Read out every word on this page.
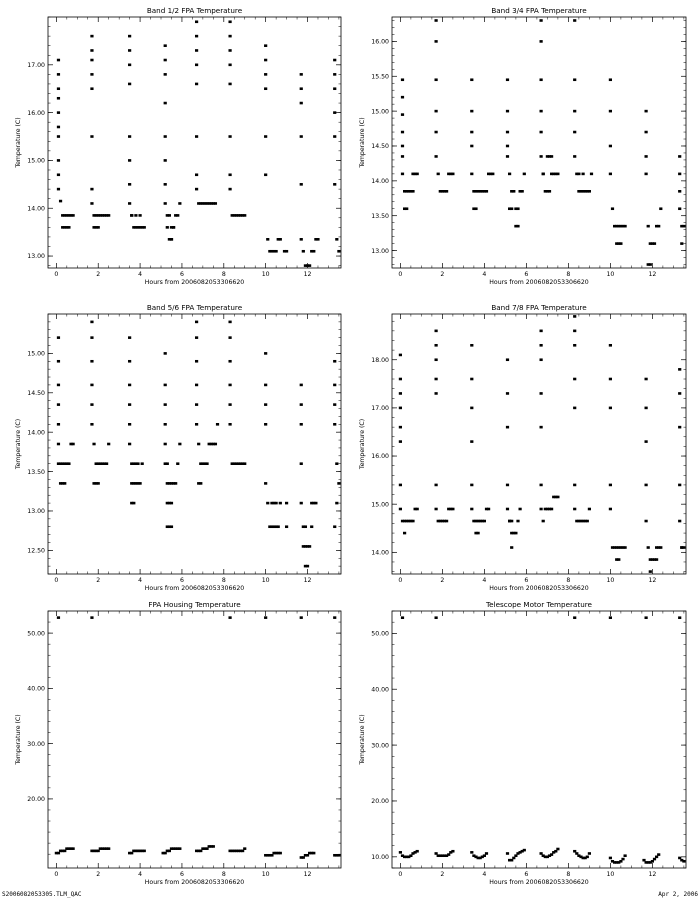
Band 1/2 FPA Temperature
Hours from 2006082053306620
Temperature (C)
0	2	4	6	8	10	12
13.00
14.00
15.00
16.00
17.00
Band 3/4 FPA Temperature
Hours from 2006082053306620
Temperature (C)
0	2	4	6	8	10	12
13.00
13.50
14.00
14.50
15.00
15.50
16.00
Band 5/6 FPA Temperature
Hours from 2006082053306620
Temperature (C)
0	2	4	6	8	10	12
12.50
13.00
13.50
14.00
14.50
15.00
Band 7/8 FPA Temperature
Hours from 2006082053306620
Temperature (C)
0	2	4	6	8	10	12
14.00
15.00
16.00
17.00
18.00
FPA Housing Temperature
Hours from 2006082053306620
Temperature (C)
0	2	4	6	8	10	12
20.00
30.00
40.00
50.00
Telescope Motor Temperature
Hours from 2006082053306620
Temperature (C)
0	2	4	6	8	10	12
10.00
20.00
30.00
40.00
50.00
S2006082053305.TLM_QAC	Apr 2, 2006
